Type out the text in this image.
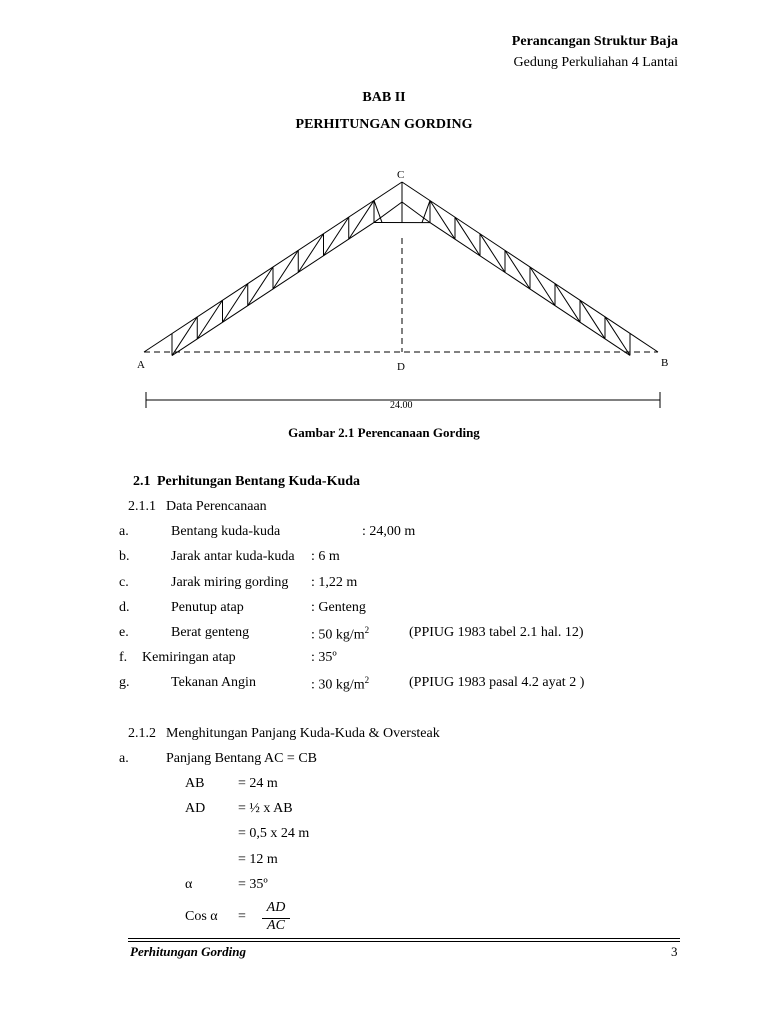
Perancangan Struktur Baja
Gedung Perkuliahan 4 Lantai
BAB II
PERHITUNGAN GORDING
C
A	D	B
24.00
Gambar 2.1 Perencanaan Gording
2.1 Perhitungan Bentang Kuda-Kuda
2.1.1 Data Perencanaan
a.	Bentang kuda-kuda	: 24,00 m
b.	Jarak antar kuda-kuda : 6 m
c.	Jarak miring gording : 1,22 m
d.	Penutup atap	: Genteng
e.	Berat genteng	: 50 $kg/m^2$	(PPIUG 1983 tabel 2.1 hal. 12)
f. Kemiringan atap	: 35º
g.	Tekanan Angin	: 30 $kg/m^2$	(PPIUG 1983 pasal 4.2 ayat 2 )
2.1.2 Menghitungan Panjang Kuda-Kuda & Oversteak
a.	Panjang Bentang AC = CB
AB = 24 m
AD = ½ x AB
= 0,5 x 24 m
= 12 m
α	= 35º
Cos α =
AD
AC
Perhitungan Gording	3
